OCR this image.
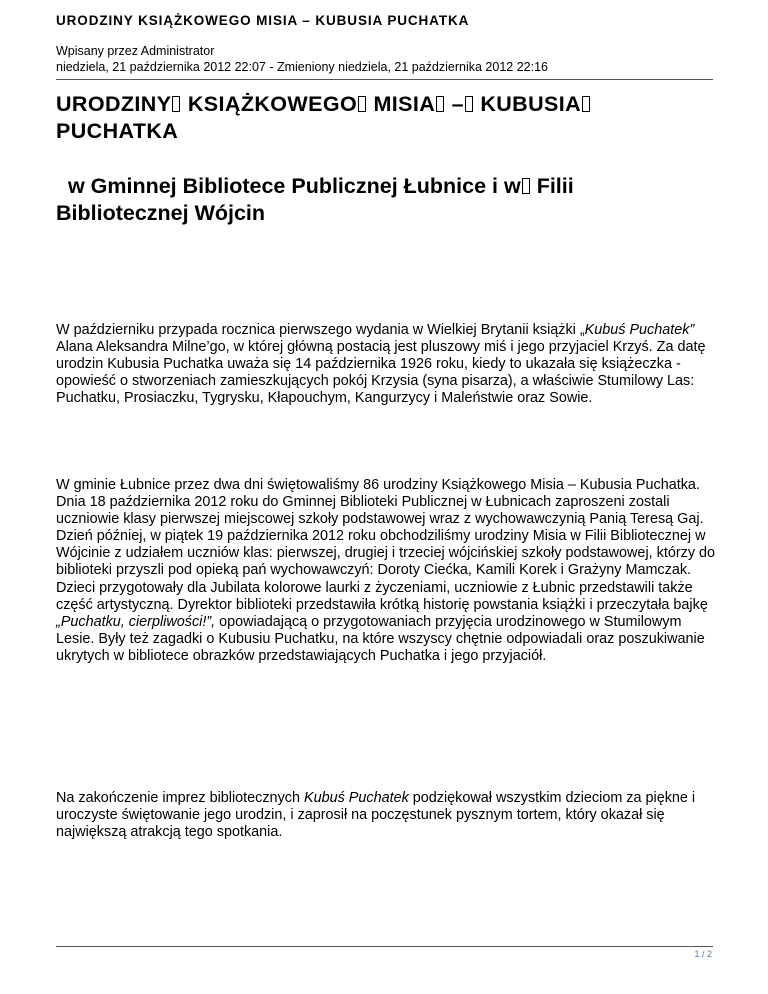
URODZINY KSIĄŻKOWEGO MISIA – KUBUSIA PUCHATKA
Wpisany przez Administrator
niedziela, 21 października 2012 22:07 - Zmieniony niedziela, 21 października 2012 22:16
URODZINY KSIĄŻKOWEGO MISIA – KUBUSIA
PUCHATKA
w Gminnej Bibliotece Publicznej Łubnice i w Filii Bibliotecznej Wójcin

W październiku przypada rocznica pierwszego wydania w Wielkiej Brytanii książki „Kubuś Puchatek”
Alana Aleksandra Milne’go, w której główną postacią jest pluszowy miś i jego przyjaciel Krzyś. Za datę urodzin Kubusia Puchatka uważa się 14 października 1926 roku, kiedy to ukazała się książeczka - opowieść o stworzeniach zamieszkujących pokój Krzysia (syna pisarza), a właściwie Stumilowy Las: Puchatku, Prosiaczku, Tygrysku, Kłapouchym, Kangurzycy i Maleństwie oraz Sowie.

W gminie Łubnice przez dwa dni świętowaliśmy 86 urodziny Książkowego Misia – Kubusia Puchatka. Dnia 18 października 2012 roku do Gminnej Biblioteki Publicznej w Łubnicach zaproszeni zostali uczniowie klasy pierwszej miejscowej szkoły podstawowej wraz z wychowawczynią Panią Teresą Gaj. Dzień później, w piątek 19 października 2012 roku obchodziliśmy urodziny Misia w Filii Bibliotecznej w Wójcinie z udziałem uczniów klas: pierwszej, drugiej i trzeciej wójcińskiej szkoły podstawowej, którzy do biblioteki przyszli pod opieką pań wychowawczyń: Doroty Ciećka, Kamili Korek i Grażyny Mamczak. Dzieci przygotowały dla Jubilata kolorowe laurki z życzeniami, uczniowie z Łubnic przedstawili także część artystyczną. Dyrektor biblioteki przedstawiła krótką historię powstania książki i przeczytała bajkę „Puchatku, cierpliwości!”, opowiadającą o przygotowaniach przyjęcia urodzinowego w Stumilowym Lesie. Były też zagadki o Kubusiu Puchatku, na które wszyscy chętnie odpowiadali oraz poszukiwanie ukrytych w bibliotece obrazków przedstawiających Puchatka i jego przyjaciół.

Na zakończenie imprez bibliotecznych Kubuś Puchatek podziękował wszystkim dzieciom za piękne i uroczyste świętowanie jego urodzin, i zaprosił na poczęstunek pysznym tortem, który okazał się największą atrakcją tego spotkania.

1 / 2
